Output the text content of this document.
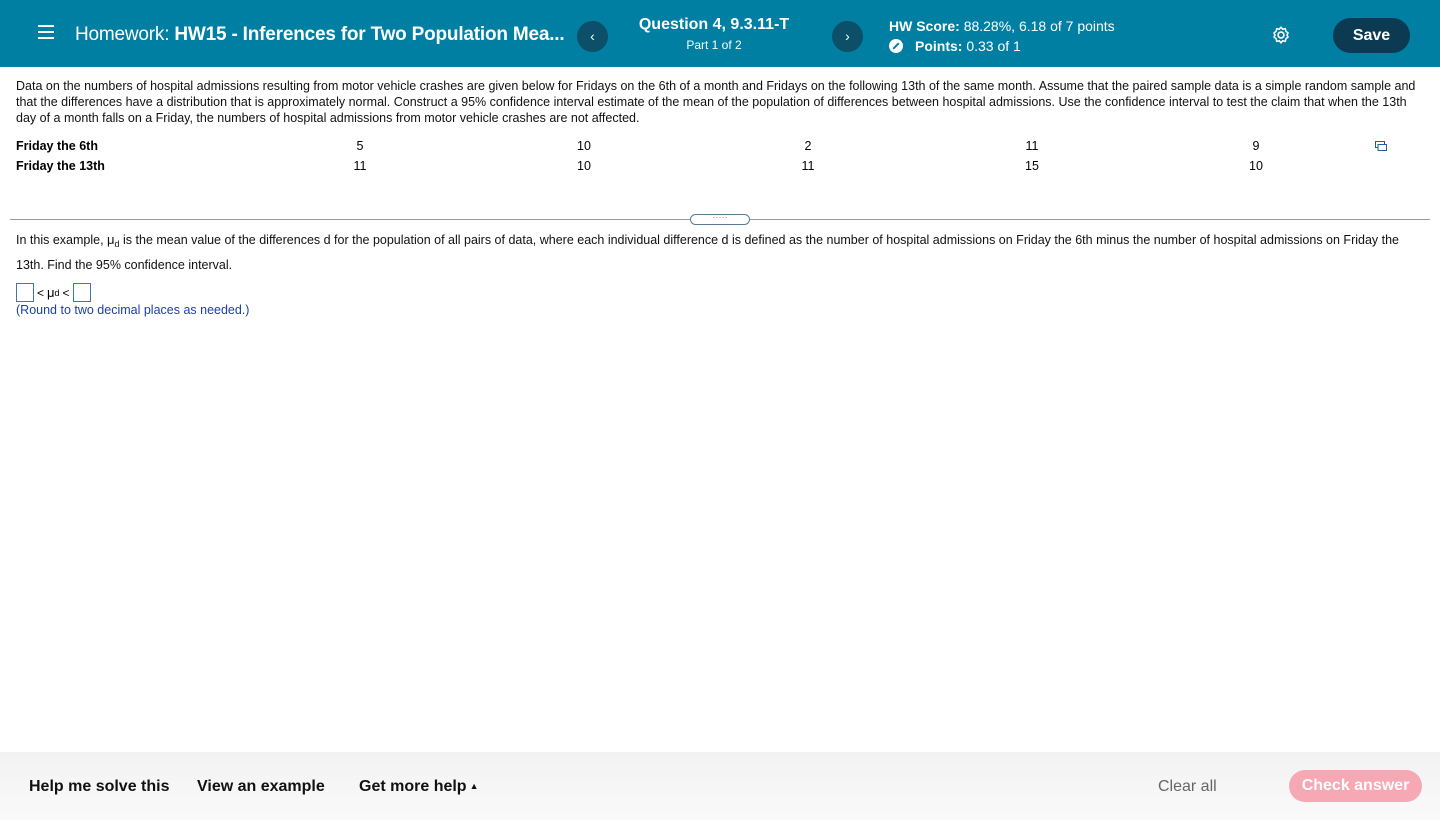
Homework: HW15 - Inferences for Two Population Mea...	‹
Question 4, 9.3.11-T
Part 1 of 2
›
HW Score: 88.28%, 6.18 of 7 points
Points:
0.33 of 1
Save
Data on the numbers of hospital admissions resulting from motor vehicle crashes are given below for Fridays on the 6th of a month and Fridays on the following 13th of the same month. Assume that the paired sample data is a simple random sample and that the differences have a distribution that is approximately normal. Construct a 95% confidence interval estimate of the mean of the population of differences between hospital admissions. Use the confidence interval to test the claim that when the 13th day of a month falls on a Friday, the numbers of hospital admissions from motor vehicle crashes are not affected.
Friday the 6th	5	10	2	11	9
Friday the 13th	11	10	11	15	10
·····
In this example, $\mu_d$ is the mean value of the differences d for the population of all pairs of data, where each individual difference d is defined as the number of hospital admissions on Friday the 6th minus the number of hospital admissions on Friday the 13th. Find the 95% confidence interval.
< μ d <
(Round to two decimal places as needed.)
Help me solve this View an example Get more help ▲	Clear all	Check answer
